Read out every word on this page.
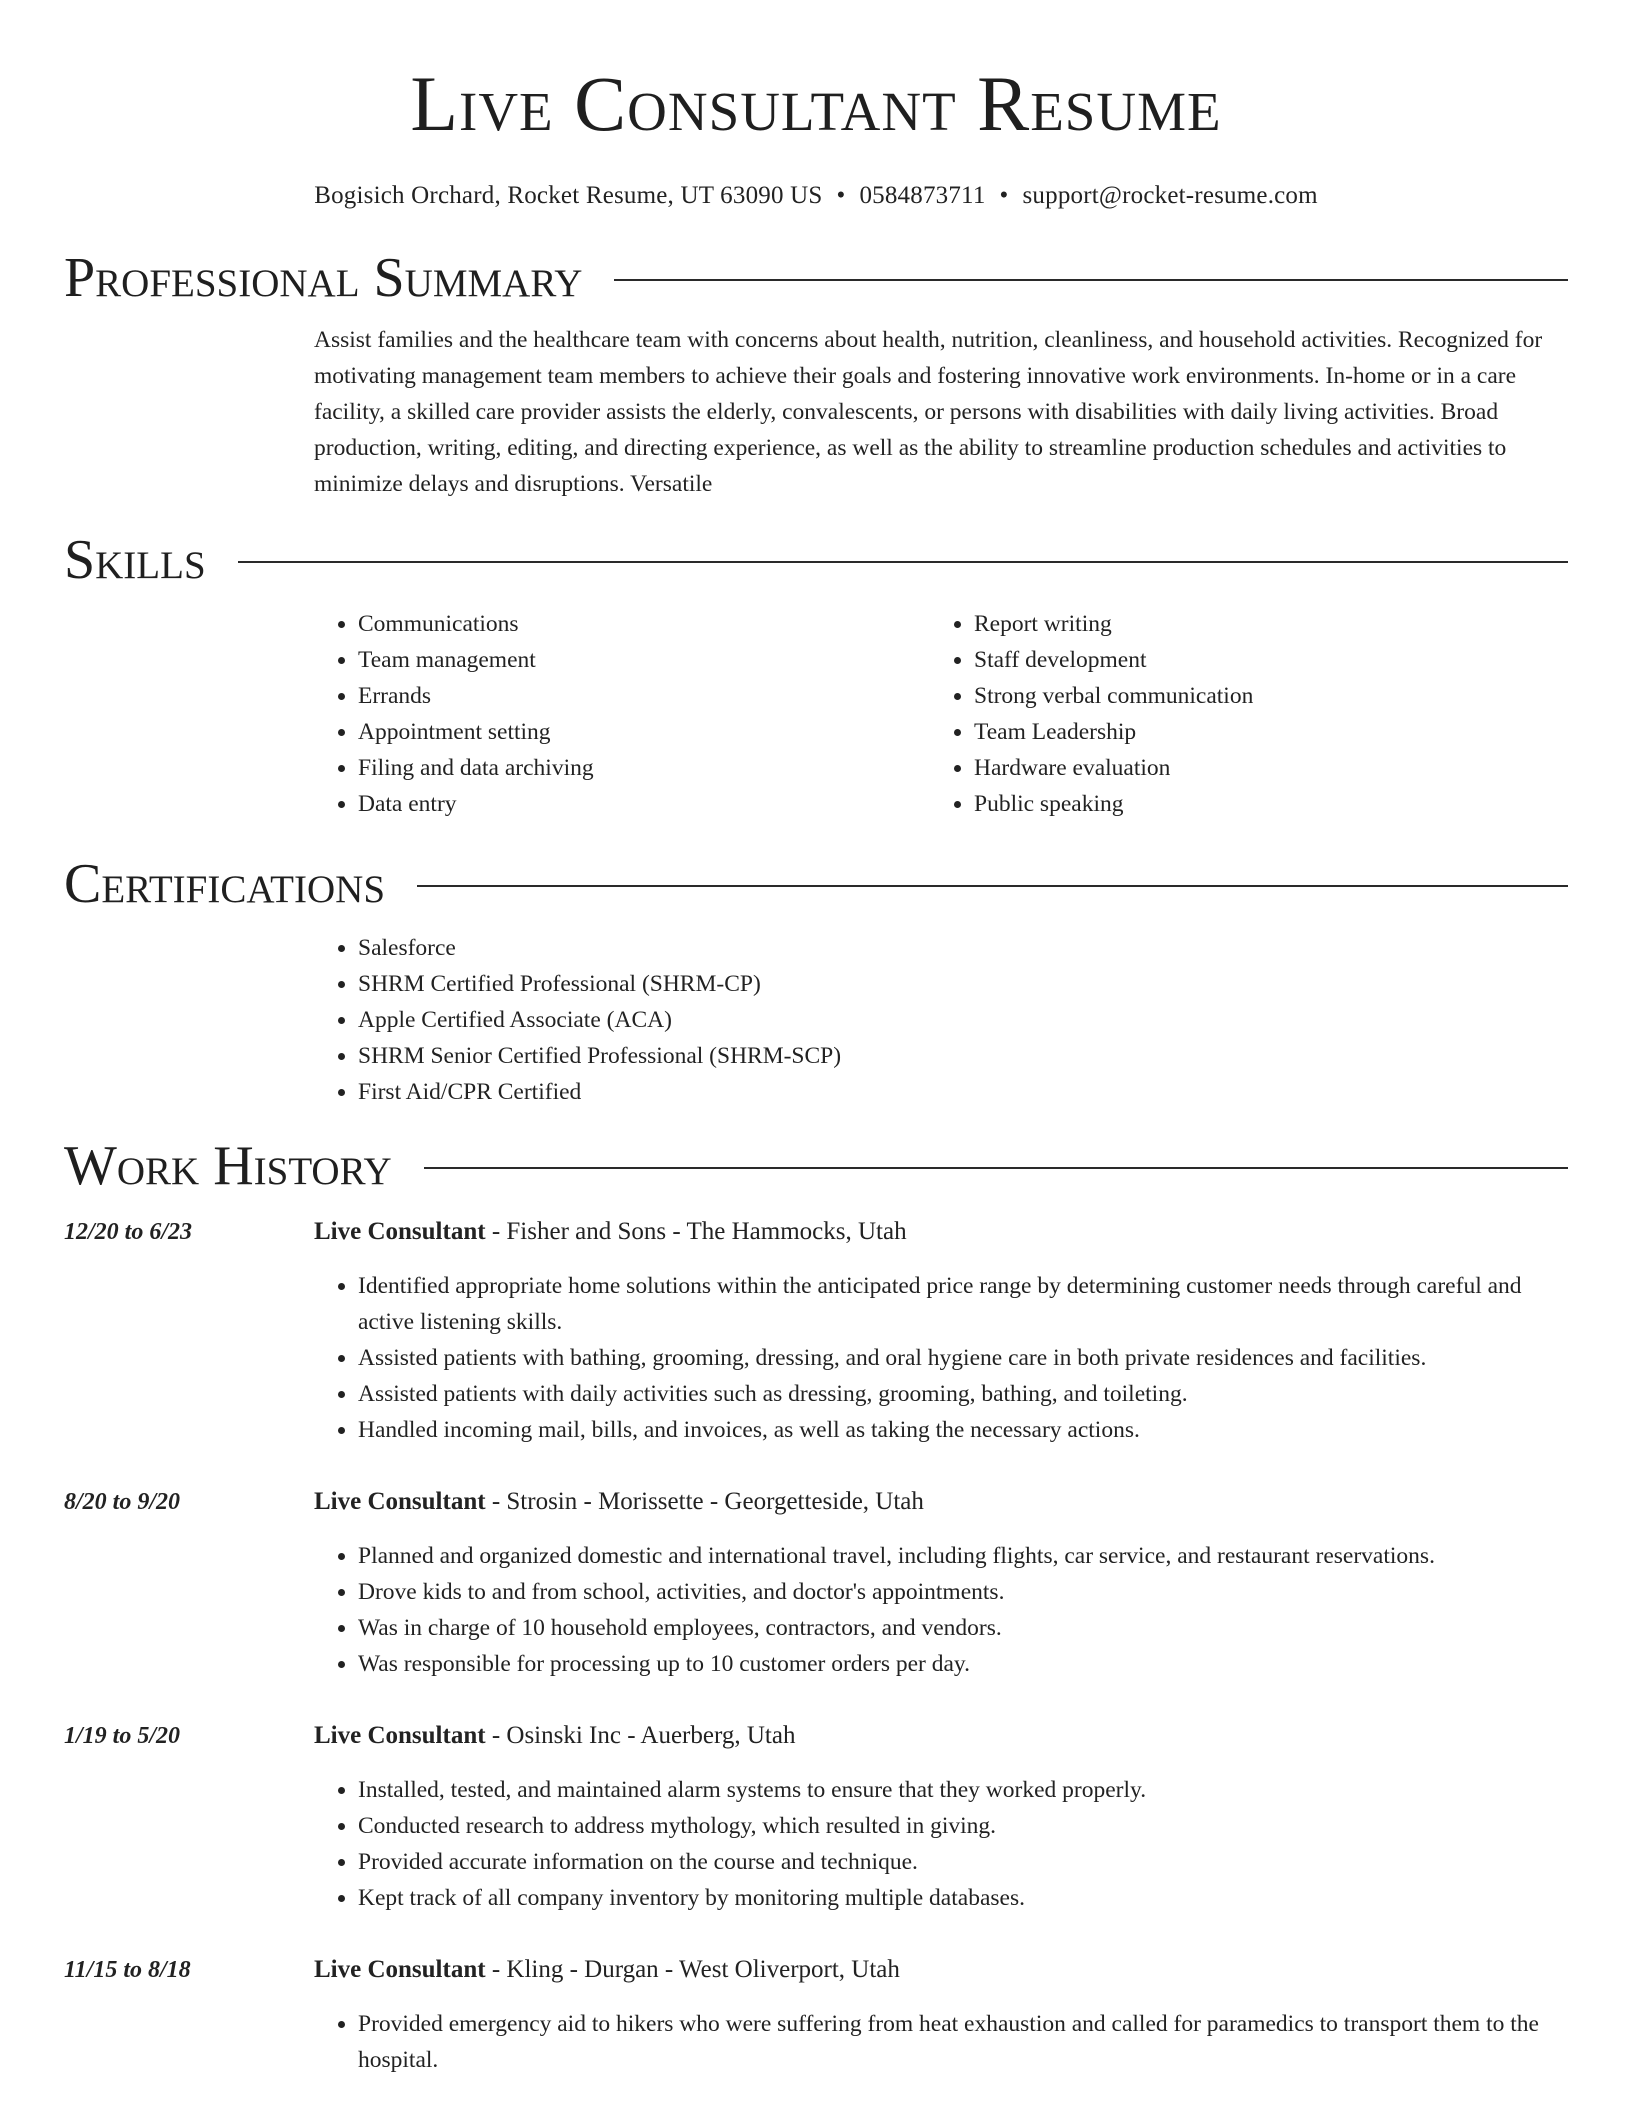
Live Consultant Resume
Bogisich Orchard, Rocket Resume, UT 63090 US • 0584873711 • support@rocket-resume.com
Professional Summary

Assist families and the healthcare team with concerns about health, nutrition, cleanliness, and household activities. Recognized for motivating management team members to achieve their goals and fostering innovative work environments. In-home or in a care facility, a skilled care provider assists the elderly, convalescents, or persons with disabilities with daily living activities. Broad production, writing, editing, and directing experience, as well as the ability to streamline production schedules and activities to minimize delays and disruptions. Versatile

Skills
• Communications
• Team management
• Errands
• Appointment setting
• Filing and data archiving
• Data entry
• Report writing
• Staff development
• Strong verbal communication
• Team Leadership
• Hardware evaluation
• Public speaking
Certifications
• Salesforce
• SHRM Certified Professional (SHRM-CP)
• Apple Certified Associate (ACA)
• SHRM Senior Certified Professional (SHRM-SCP)
• First Aid/CPR Certified
Work History
12/20 to 6/23	Live Consultant - Fisher and Sons - The Hammocks, Utah
• Identified appropriate home solutions within the anticipated price range by determining customer needs through careful and active listening skills.
• Assisted patients with bathing, grooming, dressing, and oral hygiene care in both private residences and facilities.
• Assisted patients with daily activities such as dressing, grooming, bathing, and toileting.
• Handled incoming mail, bills, and invoices, as well as taking the necessary actions.
8/20 to 9/20	Live Consultant - Strosin - Morissette - Georgetteside, Utah
• Planned and organized domestic and international travel, including flights, car service, and restaurant reservations.
• Drove kids to and from school, activities, and doctor's appointments.
• Was in charge of 10 household employees, contractors, and vendors.
• Was responsible for processing up to 10 customer orders per day.
1/19 to 5/20	Live Consultant - Osinski Inc - Auerberg, Utah
• Installed, tested, and maintained alarm systems to ensure that they worked properly.
• Conducted research to address mythology, which resulted in giving.
• Provided accurate information on the course and technique.
• Kept track of all company inventory by monitoring multiple databases.
11/15 to 8/18	Live Consultant - Kling - Durgan - West Oliverport, Utah
• Provided emergency aid to hikers who were suffering from heat exhaustion and called for paramedics to transport them to the hospital.
